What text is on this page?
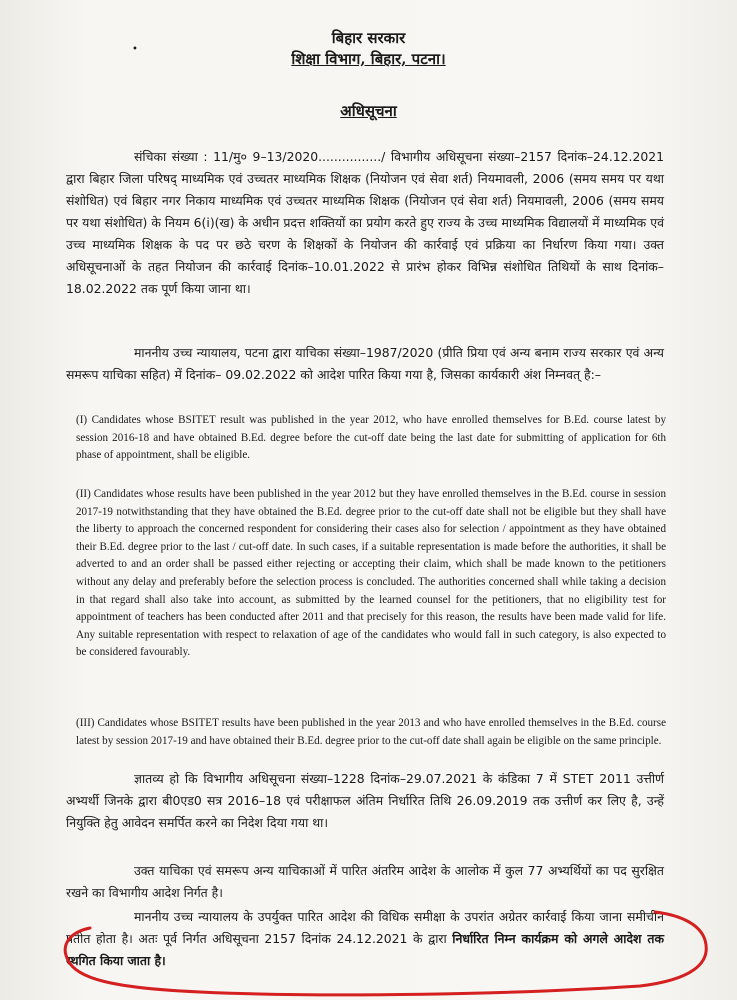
•
बिहार सरकार
शिक्षा विभाग, बिहार, पटना।
अधिसूचना
संचिका संख्या : 11/मु० 9–13/2020................/ विभागीय अधिसूचना संख्या–2157 दिनांक–24.12.2021 द्वारा बिहार जिला परिषद् माध्यमिक एवं उच्चतर माध्यमिक शिक्षक (नियोजन एवं सेवा शर्त) नियमावली, 2006 (समय समय पर यथा संशोधित) एवं बिहार नगर निकाय माध्यमिक एवं उच्चतर माध्यमिक शिक्षक (नियोजन एवं सेवा शर्त) नियमावली, 2006 (समय समय पर यथा संशोधित) के नियम 6(i)(ख) के अधीन प्रदत्त शक्तियों का प्रयोग करते हुए राज्य के उच्च माध्यमिक विद्यालयों में माध्यमिक एवं उच्च माध्यमिक शिक्षक के पद पर छठे चरण के शिक्षकों के नियोजन की कार्रवाई एवं प्रक्रिया का निर्धारण किया गया। उक्त अधिसूचनाओं के तहत नियोजन की कार्रवाई दिनांक–10.01.2022 से प्रारंभ होकर विभिन्न संशोधित तिथियों के साथ दिनांक–18.02.2022 तक पूर्ण किया जाना था।
माननीय उच्च न्यायालय, पटना द्वारा याचिका संख्या–1987/2020 (प्रीति प्रिया एवं अन्य बनाम राज्य सरकार एवं अन्य समरूप याचिका सहित) में दिनांक– 09.02.2022 को आदेश पारित किया गया है, जिसका कार्यकारी अंश निम्नवत् है:–
(I) Candidates whose BSITET result was published in the year 2012, who have enrolled themselves for B.Ed. course latest by session 2016-18 and have obtained B.Ed. degree before the cut-off date being the last date for submitting of application for 6th phase of appointment, shall be eligible.
(II) Candidates whose results have been published in the year 2012 but they have enrolled themselves in the B.Ed. course in session 2017-19 notwithstanding that they have obtained the B.Ed. degree prior to the cut-off date shall not be eligible but they shall have the liberty to approach the concerned respondent for considering their cases also for selection / appointment as they have obtained their B.Ed. degree prior to the last / cut-off date. In such cases, if a suitable representation is made before the authorities, it shall be adverted to and an order shall be passed either rejecting or accepting their claim, which shall be made known to the petitioners without any delay and preferably before the selection process is concluded. The authorities concerned shall while taking a decision in that regard shall also take into account, as submitted by the learned counsel for the petitioners, that no eligibility test for appointment of teachers has been conducted after 2011 and that precisely for this reason, the results have been made valid for life. Any suitable representation with respect to relaxation of age of the candidates who would fall in such category, is also expected to be considered favourably.
(III) Candidates whose BSITET results have been published in the year 2013 and who have enrolled themselves in the B.Ed. course latest by session 2017-19 and have obtained their B.Ed. degree prior to the cut-off date shall again be eligible on the same principle.
ज्ञातव्य हो कि विभागीय अधिसूचना संख्या–1228 दिनांक–29.07.2021 के कंडिका 7 में STET 2011 उत्तीर्ण अभ्यर्थी जिनके द्वारा बी0एड0 सत्र 2016–18 एवं परीक्षाफल अंतिम निर्धारित तिथि 26.09.2019 तक उत्तीर्ण कर लिए है, उन्हें नियुक्ति हेतु आवेदन समर्पित करने का निदेश दिया गया था।
उक्त याचिका एवं समरूप अन्य याचिकाओं में पारित अंतरिम आदेश के आलोक में कुल 77 अभ्यर्थियों का पद सुरक्षित रखने का विभागीय आदेश निर्गत है।
माननीय उच्च न्यायालय के उपर्युक्त पारित आदेश की विधिक समीक्षा के उपरांत अग्रेतर कार्रवाई किया जाना समीचीन प्रतीत होता है। अतः पूर्व निर्गत अधिसूचना 2157 दिनांक 24.12.2021 के द्वारा निर्धारित निम्न कार्यक्रम को अगले आदेश तक स्थगित किया जाता है।
